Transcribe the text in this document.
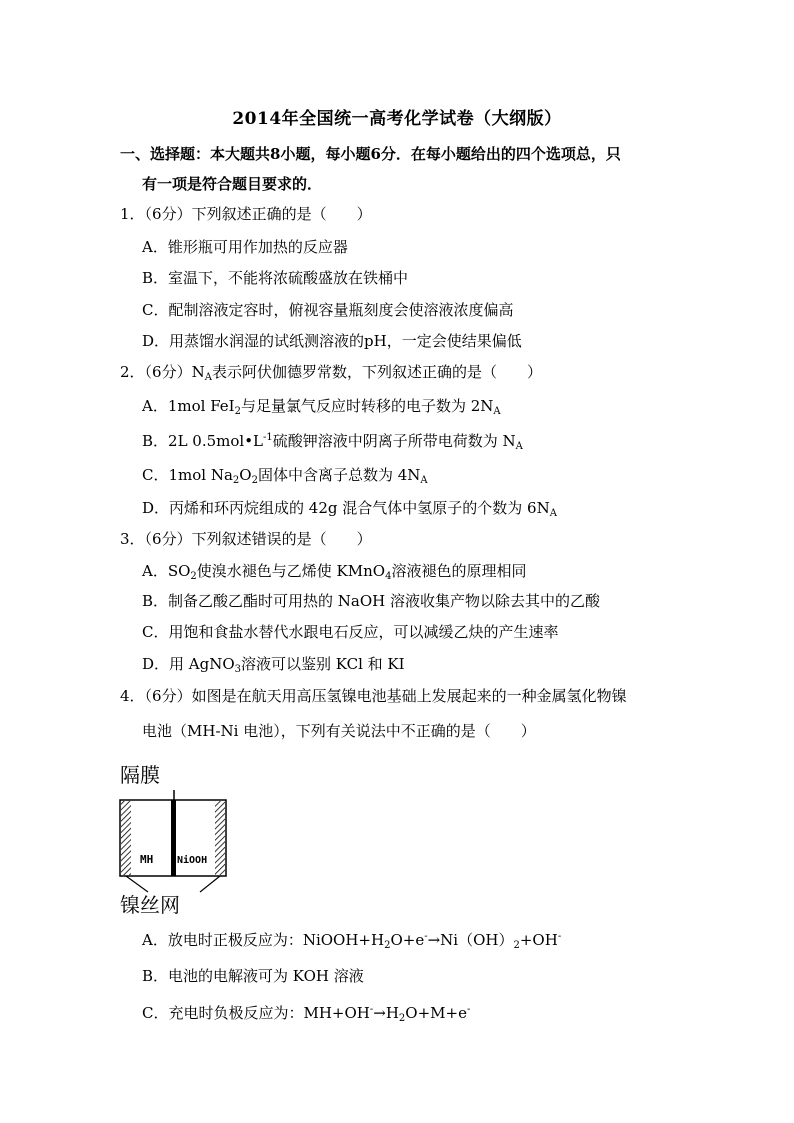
2014年全国统一高考化学试卷（大纲版）
一、选择题：本大题共8小题，每小题6分．在每小题给出的四个选项总，只
有一项是符合题目要求的．
1．（6分）下列叙述正确的是（　　）
A．锥形瓶可用作加热的反应器
B．室温下，不能将浓硫酸盛放在铁桶中
C．配制溶液定容时，俯视容量瓶刻度会使溶液浓度偏高
D．用蒸馏水润湿的试纸测溶液的pH，一定会使结果偏低
2．（6分）$N_A$表示阿伏伽德罗常数，下列叙述正确的是（　　）
A．1mol FeI$_2$与足量氯气反应时转移的电子数为 $2N_A$
B．2L $0.5mol•L^{-1}$硫酸钾溶液中阴离子所带电荷数为 $N_A$
C．1mol $Na_2O_2$固体中含离子总数为 $4N_A$
D．丙烯和环丙烷组成的 42g 混合气体中氢原子的个数为 $6N_A$
3．（6分）下列叙述错误的是（　　）
A．$SO_2$使溴水褪色与乙烯使 KMnO$_4$溶液褪色的原理相同
B．制备乙酸乙酯时可用热的 NaOH 溶液收集产物以除去其中的乙酸
C．用饱和食盐水替代水跟电石反应，可以减缓乙炔的产生速率
D．用 AgNO$_3$溶液可以鉴别 KCl 和 KI
4．（6分）如图是在航天用高压氢镍电池基础上发展起来的一种金属氢化物镍
电池（MH-Ni 电池），下列有关说法中不正确的是（　　）
隔膜
MH NiOOH
镍丝网
A．放电时正极反应为：$NiOOH+H_2O+e^-\to Ni(OH)_2+OH^-$
B．电池的电解液可为 KOH 溶液
C．充电时负极反应为：$MH+OH^-\to H_2O+M+e^-$
